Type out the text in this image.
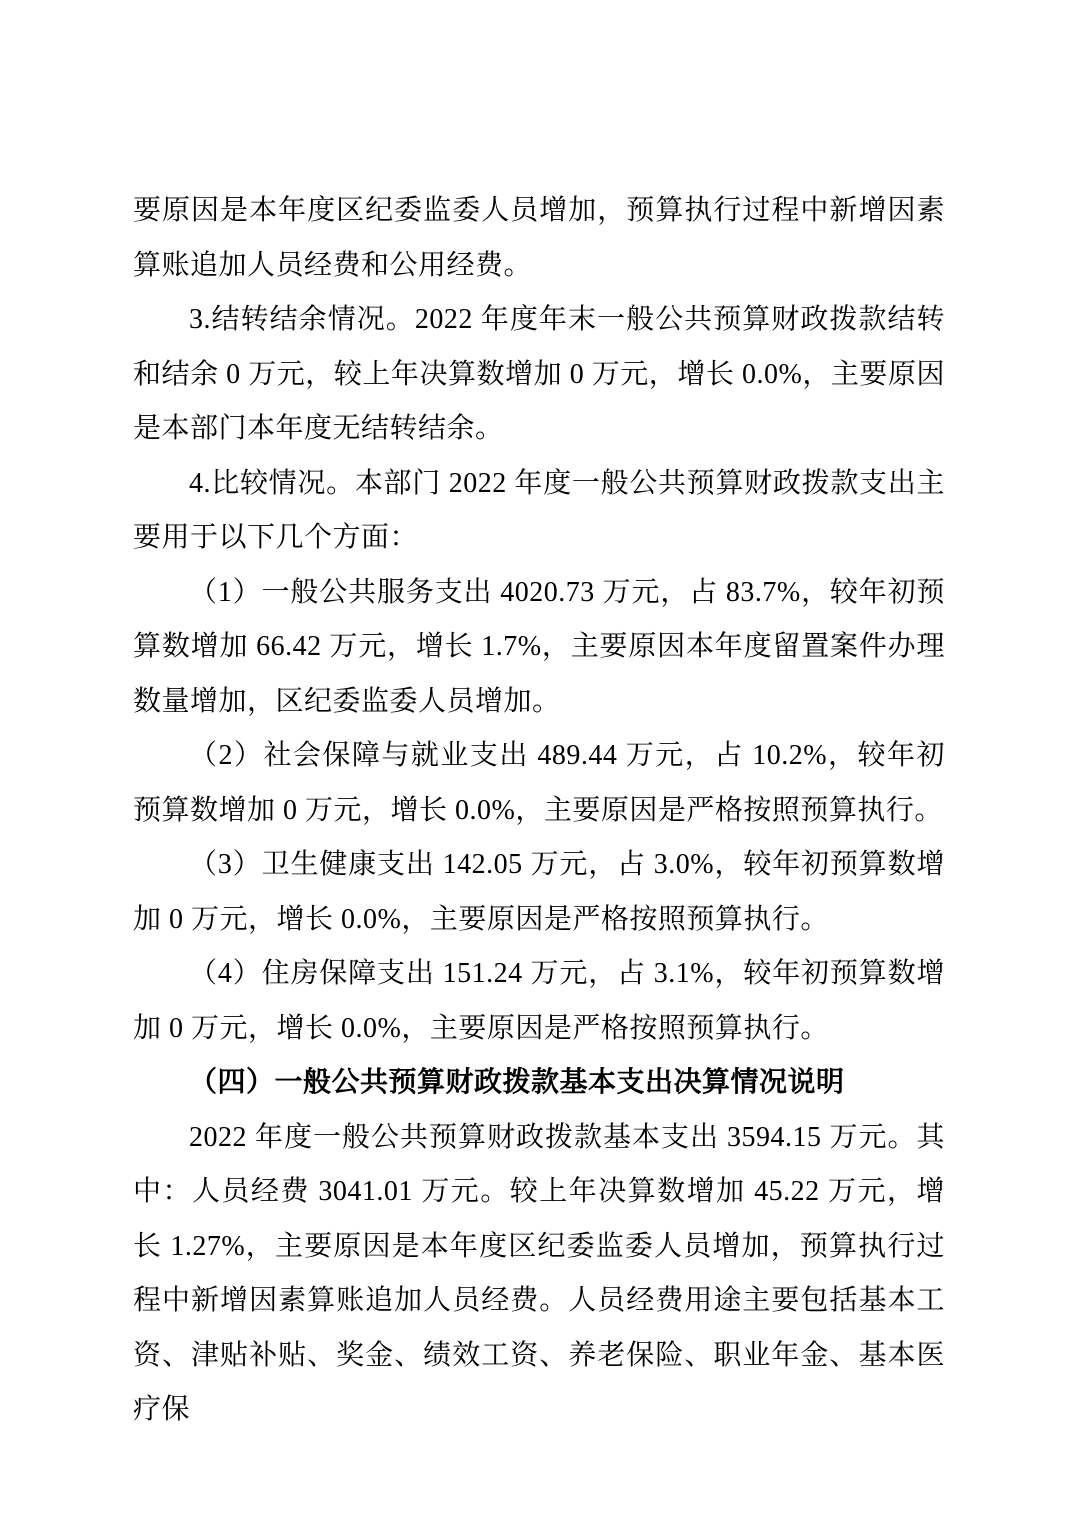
要原因是本年度区纪委监委人员增加，预算执行过程中新增因素算账追加人员经费和公用经费。

3.结转结余情况。2022 年度年末一般公共预算财政拨款结转和结余 0 万元，较上年决算数增加 0 万元，增长 0.0%，主要原因是本部门本年度无结转结余。

4.比较情况。本部门 2022 年度一般公共预算财政拨款支出主要用于以下几个方面：

（1）一般公共服务支出 4020.73 万元，占 83.7%，较年初预算数增加 66.42 万元，增长 1.7%，主要原因本年度留置案件办理数量增加，区纪委监委人员增加。

（2）社会保障与就业支出 489.44 万元，占 10.2%，较年初预算数增加 0 万元，增长 0.0%，主要原因是严格按照预算执行。

（3）卫生健康支出 142.05 万元，占 3.0%，较年初预算数增加 0 万元，增长 0.0%，主要原因是严格按照预算执行。

（4）住房保障支出 151.24 万元，占 3.1%，较年初预算数增加 0 万元，增长 0.0%，主要原因是严格按照预算执行。

（四）一般公共预算财政拨款基本支出决算情况说明

2022 年度一般公共预算财政拨款基本支出 3594.15 万元。其中：人员经费 3041.01 万元。较上年决算数增加 45.22 万元，增长 1.27%，主要原因是本年度区纪委监委人员增加，预算执行过程中新增因素算账追加人员经费。人员经费用途主要包括基本工资、津贴补贴、奖金、绩效工资、养老保险、职业年金、基本医疗保
